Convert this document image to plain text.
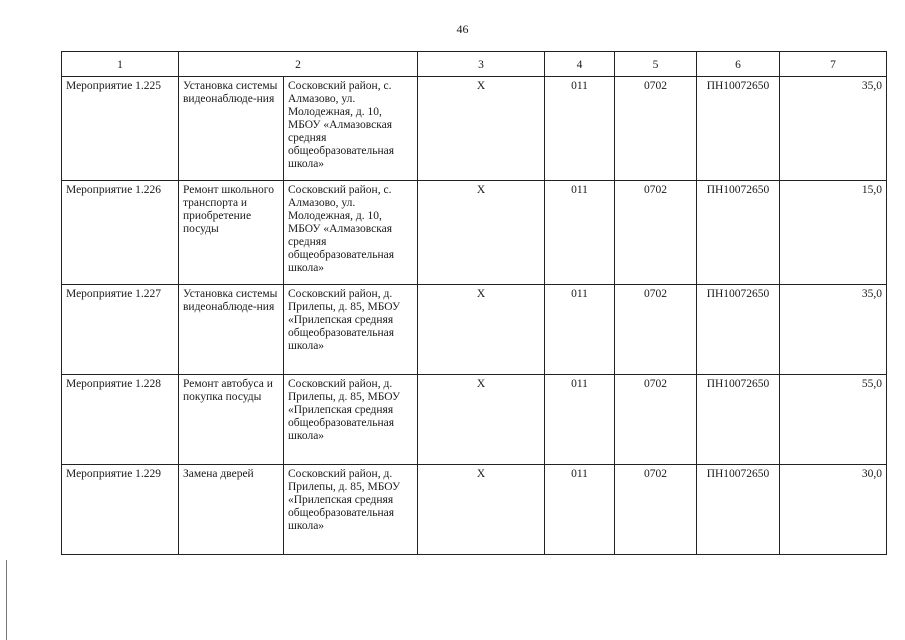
46
1	2		3	4	5	6	7
Мероприятие 1.225	Установка системы видеонаблюде-ния	Сосковский район, с. Алмазово, ул. Молодежная, д. 10, МБОУ «Алмазовская средняя общеобразовательная школа»	Х	011	0702	ПН10072650	35,0
Мероприятие 1.226	Ремонт школьного транспорта и приобретение посуды	Сосковский район, с. Алмазово, ул. Молодежная, д. 10, МБОУ «Алмазовская средняя общеобразовательная школа»	Х	011	0702	ПН10072650	15,0
Мероприятие 1.227	Установка системы видеонаблюде-ния	Сосковский район, д. Прилепы, д. 85, МБОУ «Прилепская средняя общеобразовательная школа»	Х	011	0702	ПН10072650	35,0
Мероприятие 1.228	Ремонт автобуса и покупка посуды	Сосковский район, д. Прилепы, д. 85, МБОУ «Прилепская средняя общеобразовательная школа»	Х	011	0702	ПН10072650	55,0
Мероприятие 1.229	Замена дверей	Сосковский район, д. Прилепы, д. 85, МБОУ «Прилепская средняя общеобразовательная школа»	Х	011	0702	ПН10072650	30,0
